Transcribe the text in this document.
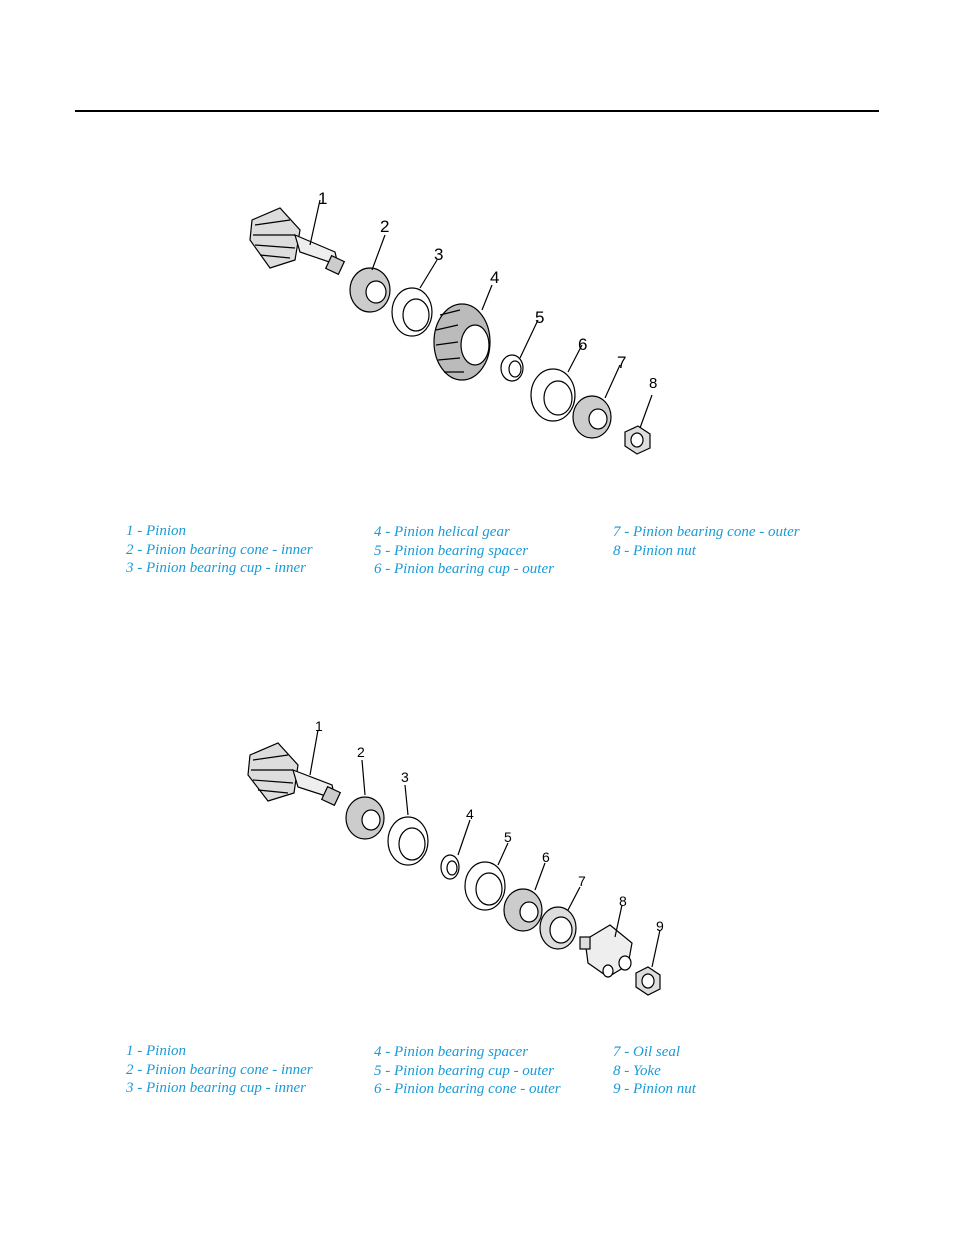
1
2
3
4
5
6
7
8
1 - Pinion
2 - Pinion bearing cone - inner
3 - Pinion bearing cup - inner
4 - Pinion helical gear
5 - Pinion bearing spacer
6 - Pinion bearing cup - outer
7 - Pinion bearing cone - outer
8 - Pinion nut
1
2
3
4
5
6
7
8
9
1 - Pinion
2 - Pinion bearing cone - inner
3 - Pinion bearing cup - inner
4 - Pinion bearing spacer
5 - Pinion bearing cup - outer
6 - Pinion bearing cone - outer
7 - Oil seal
8 - Yoke
9 - Pinion nut
